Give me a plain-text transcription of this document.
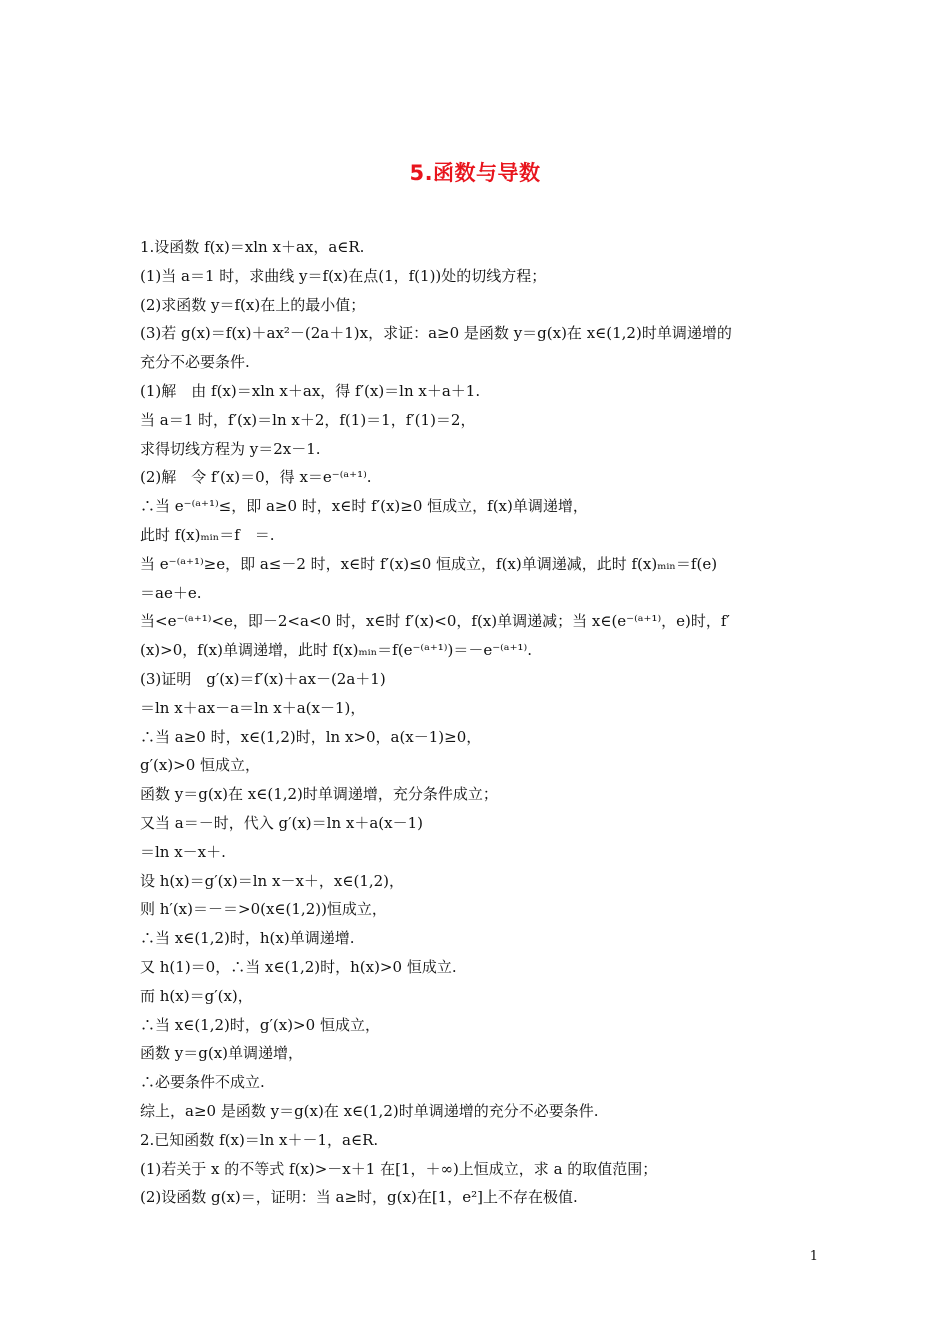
5.函数与导数
1.设函数 f(x)＝xln x＋ax，a∈R.
(1)当 a＝1 时，求曲线 y＝f(x)在点(1，f(1))处的切线方程；
(2)求函数 y＝f(x)在上的最小值；
(3)若 g(x)＝f(x)＋ax²－(2a＋1)x，求证：a≥0 是函数 y＝g(x)在 x∈(1,2)时单调递增的
充分不必要条件.
(1)解　由 f(x)＝xln x＋ax，得 f′(x)＝ln x＋a＋1.
当 a＝1 时，f′(x)＝ln x＋2，f(1)＝1，f′(1)＝2，
求得切线方程为 y＝2x－1.
(2)解　令 f′(x)＝0，得 x＝e⁻⁽ᵃ⁺¹⁾.
∴当 e⁻⁽ᵃ⁺¹⁾≤，即 a≥0 时，x∈时 f′(x)≥0 恒成立，f(x)单调递增，
此时 f(x)ₘᵢₙ＝f　＝.
当 e⁻⁽ᵃ⁺¹⁾≥e，即 a≤－2 时，x∈时 f′(x)≤0 恒成立，f(x)单调递减，此时 f(x)ₘᵢₙ＝f(e)
＝ae＋e.
当<e⁻⁽ᵃ⁺¹⁾<e，即－2<a<0 时，x∈时 f′(x)<0，f(x)单调递减；当 x∈(e⁻⁽ᵃ⁺¹⁾，e)时，f′
(x)>0，f(x)单调递增，此时 f(x)ₘᵢₙ＝f(e⁻⁽ᵃ⁺¹⁾)＝－e⁻⁽ᵃ⁺¹⁾.
(3)证明　g′(x)＝f′(x)＋ax－(2a＋1)
＝ln x＋ax－a＝ln x＋a(x－1)，
∴当 a≥0 时，x∈(1,2)时，ln x>0，a(x－1)≥0，
g′(x)>0 恒成立，
函数 y＝g(x)在 x∈(1,2)时单调递增，充分条件成立；
又当 a＝－时，代入 g′(x)＝ln x＋a(x－1)
＝ln x－x＋.
设 h(x)＝g′(x)＝ln x－x＋，x∈(1,2)，
则 h′(x)＝－＝>0(x∈(1,2))恒成立，
∴当 x∈(1,2)时，h(x)单调递增.
又 h(1)＝0，∴当 x∈(1,2)时，h(x)>0 恒成立.
而 h(x)＝g′(x)，
∴当 x∈(1,2)时，g′(x)>0 恒成立，
函数 y＝g(x)单调递增，
∴必要条件不成立.
综上，a≥0 是函数 y＝g(x)在 x∈(1,2)时单调递增的充分不必要条件.
2.已知函数 f(x)＝ln x＋－1，a∈R.
(1)若关于 x 的不等式 f(x)>－x＋1 在[1，＋∞)上恒成立，求 a 的取值范围；
(2)设函数 g(x)＝，证明：当 a≥时，g(x)在[1，e²]上不存在极值.
1
